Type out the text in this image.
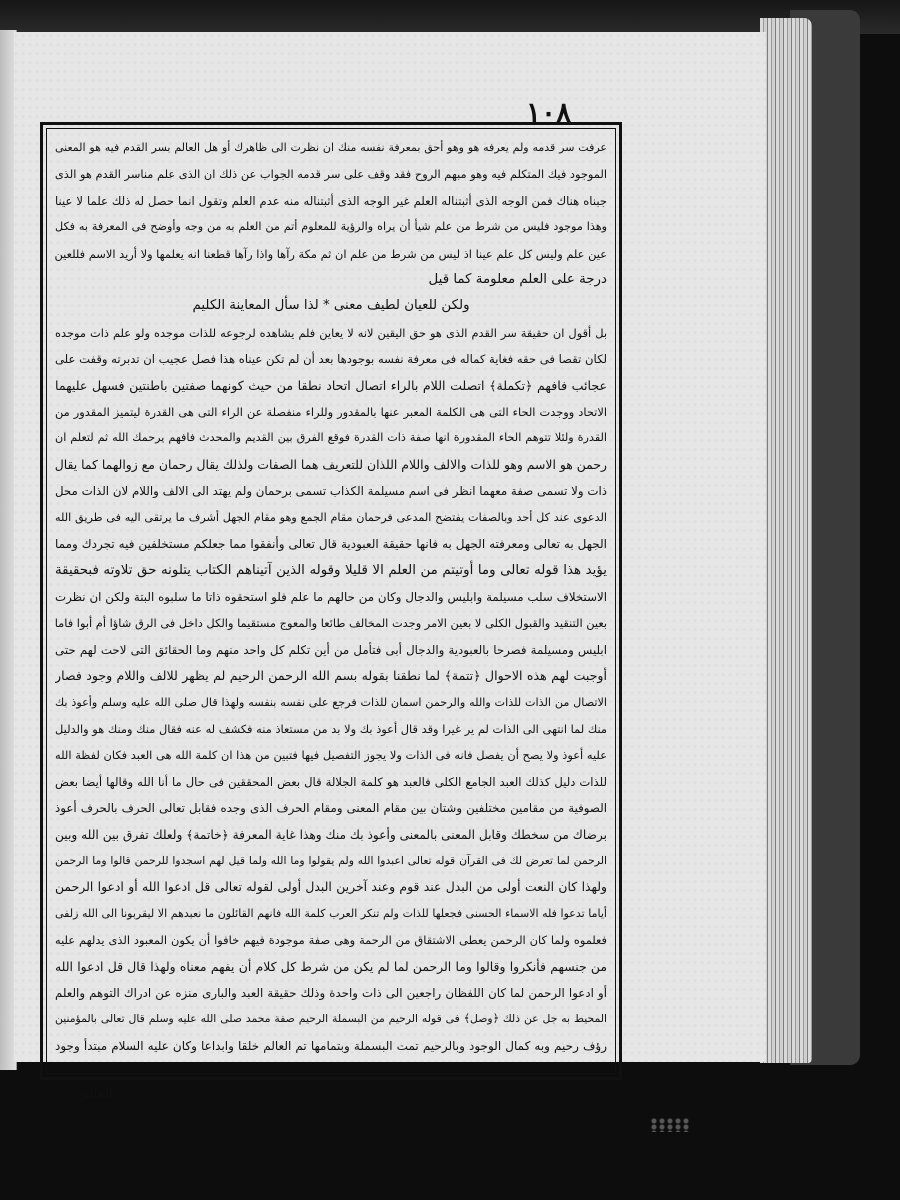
١٠٨
عرفت سر قدمه ولم يعرفه هو وهو أحق بمعرفة نفسه منك ان نظرت الى ظاهرك أو هل العالم بسر القدم فيه هو المعنى
الموجود فيك المتكلم فيه وهو مبهم الروح فقد وقف على سر قدمه الجواب عن ذلك ان الذى علم مناسر القدم هو الذى
جبناه هناك فمن الوجه الذى أثبتناله العلم غير الوجه الذى أثبتناله منه عدم العلم وتقول انما حصل له ذلك علما لا عينا
وهذا موجود فليس من شرط من علم شيأ أن يراه والرؤية للمعلوم أتم من العلم به من وجه وأوضح فى المعرفة به فكل
عين علم وليس كل علم عينا اذ ليس من شرط من علم ان ثم مكة رآها واذا رآها قطعنا انه يعلمها ولا أريد الاسم فللعين
درجة على العلم معلومة كما قيل
ولكن للعيان لطيف معنى * لذا سأل المعاينة الكليم
بل أقول ان حقيقة سر القدم الذى هو حق اليقين لانه لا يعاين فلم يشاهده لرجوعه للذات موجده ولو علم ذات موجده
لكان تقصا فى حقه فغاية كماله فى معرفة نفسه بوجودها بعد أن لم تكن عيناه هذا فصل عجيب ان تدبرته وقفت على
عجائب فافهم ﴿تكملة﴾ اتصلت اللام بالراء اتصال اتحاد نطقا من حيث كونهما صفتين باطنتين فسهل عليهما
الاتحاد ووجدت الحاء التى هى الكلمة المعبر عنها بالمقدور وللراء منفصلة عن الراء التى هى القدرة ليتميز المقدور من
القدرة ولئلا تتوهم الحاء المقدورة انها صفة ذات القدرة فوقع الفرق بين القديم والمحدث فافهم يرحمك الله ثم لتعلم ان
رحمن هو الاسم وهو للذات والالف واللام اللذان للتعريف هما الصفات ولذلك يقال رحمان مع زوالهما كما يقال
ذات ولا تسمى صفة معهما انظر فى اسم مسيلمة الكذاب تسمى برحمان ولم يهتد الى الالف واللام لان الذات محل
الدعوى عند كل أحد وبالصفات يفتضح المدعى فرحمان مقام الجمع وهو مقام الجهل أشرف ما يرتقى اليه فى طريق الله
الجهل به تعالى ومعرفته الجهل به فانها حقيقة العبودية قال تعالى وأنفقوا مما جعلكم مستخلفين فيه تجردك ومما
يؤيد هذا قوله تعالى وما أوتيتم من العلم الا قليلا وقوله الذين آتيناهم الكتاب يتلونه حق تلاوته فبحقيقة
الاستخلاف سلب مسيلمة وابليس والدجال وكان من حالهم ما علم فلو استحقوه ذاتا ما سلبوه البتة ولكن ان نظرت
بعين التنقيد والقبول الكلى لا بعين الامر وجدت المخالف طائعا والمعوج مستقيما والكل داخل فى الرق شاؤا أم أبوا فاما
ابليس ومسيلمة فصرحا بالعبودية والدجال أبى فتأمل من أين تكلم كل واحد منهم وما الحقائق التى لاحت لهم حتى
أوجبت لهم هذه الاحوال ﴿تتمة﴾ لما نطقنا بقوله بسم الله الرحمن الرحيم لم يظهر للالف واللام وجود فصار
الاتصال من الذات للذات والله والرحمن اسمان للذات فرجع على نفسه بنفسه ولهذا قال صلى الله عليه وسلم وأعوذ بك
منك لما انتهى الى الذات لم ير غيرا وقد قال أعوذ بك ولا بد من مستعاذ منه فكشف له عنه فقال منك ومنك هو والدليل
عليه أعوذ ولا يصح أن يفصل فانه فى الذات ولا يجوز التفصيل فيها فتبين من هذا ان كلمة الله هى العبد فكان لفظة الله
للذات دليل كذلك العبد الجامع الكلى فالعبد هو كلمة الجلالة قال بعض المحققين فى حال ما أنا الله وقالها أيضا بعض
الصوفية من مقامين مختلفين وشتان بين مقام المعنى ومقام الحرف الذى وجده فقابل تعالى الحرف بالحرف أعوذ
برضاك من سخطك وقابل المعنى بالمعنى وأعوذ بك منك وهذا غاية المعرفة ﴿خاتمة﴾ ولعلك تفرق بين الله وبين
الرحمن لما تعرض لك فى القرآن قوله تعالى اعبدوا الله ولم يقولوا وما الله ولما قيل لهم اسجدوا للرحمن قالوا وما الرحمن
ولهذا كان النعت أولى من البدل عند قوم وعند آخرين البدل أولى لقوله تعالى قل ادعوا الله أو ادعوا الرحمن
أياما تدعوا فله الاسماء الحسنى فجعلها للذات ولم تنكر العرب كلمة الله فانهم القائلون ما نعبدهم الا ليقربونا الى الله زلفى
فعلموه ولما كان الرحمن يعطى الاشتقاق من الرحمة وهى صفة موجودة فيهم خافوا أن يكون المعبود الذى يدلهم عليه
من جنسهم فأنكروا وقالوا وما الرحمن لما لم يكن من شرط كل كلام أن يفهم معناه ولهذا قال قل ادعوا الله
أو ادعوا الرحمن لما كان اللفظان راجعين الى ذات واحدة وذلك حقيقة العبد والبارى منزه عن ادراك التوهم والعلم
المحيط به جل عن ذلك ﴿وصل﴾ فى قوله الرحيم من البسملة الرحيم صفة محمد صلى الله عليه وسلم قال تعالى بالمؤمنين
رؤف رحيم وبه كمال الوجود وبالرحيم تمت البسملة وبتمامها تم العالم خلقا وابداعا وكان عليه السلام مبتدأ وجود
العالم
